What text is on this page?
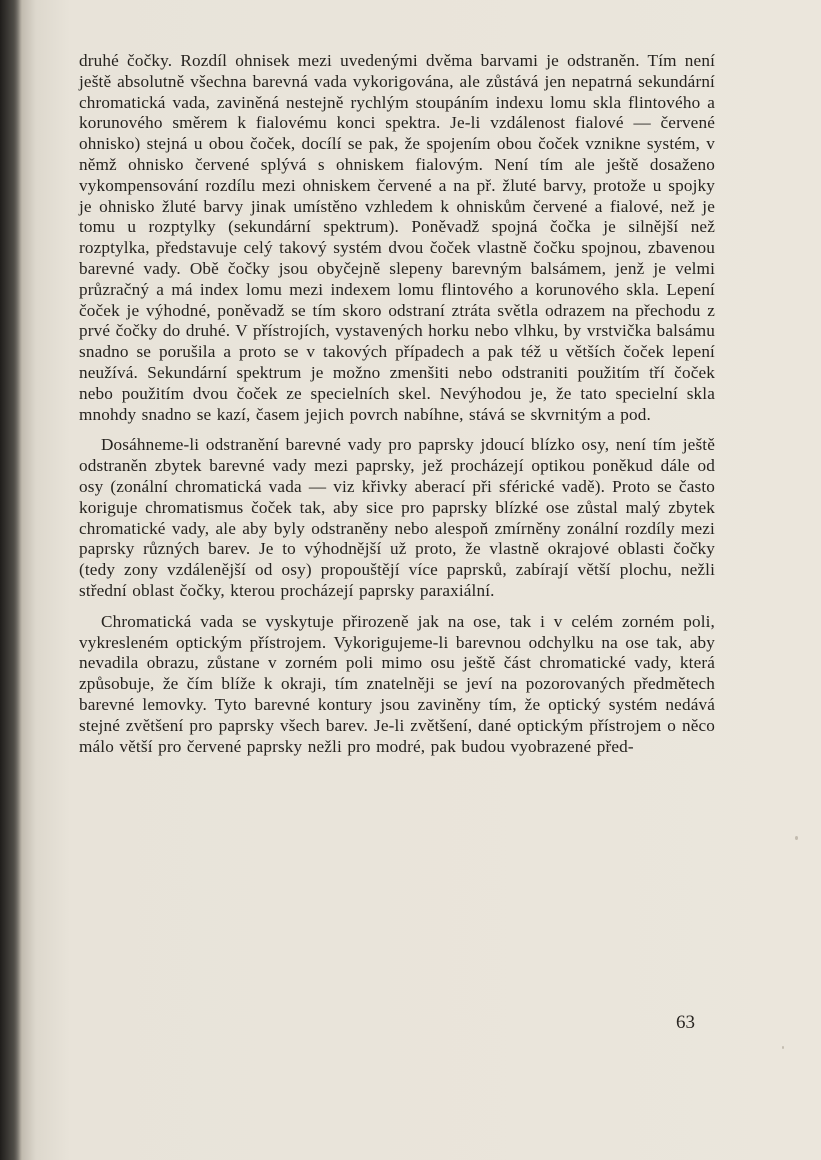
druhé čočky. Rozdíl ohnisek mezi uvedenými dvěma barvami je odstraněn. Tím není ještě absolutně všechna barevná vada vykorigována, ale zůstává jen nepatrná sekundární chromatická vada, zaviněná nestejně rychlým stoupáním indexu lomu skla flintového a korunového směrem k fialovému konci spektra. Je-li vzdálenost fialové — červené ohnisko) stejná u obou čoček, docílí se pak, že spojením obou čoček vznikne systém, v němž ohnisko červené splývá s ohniskem fialovým. Není tím ale ještě dosaženo vykompensování rozdílu mezi ohniskem červené a na př. žluté barvy, protože u spojky je ohnisko žluté barvy jinak umístěno vzhledem k ohniskům červené a fialové, než je tomu u rozptylky (sekundární spektrum). Poněvadž spojná čočka je silnější než rozptylka, představuje celý takový systém dvou čoček vlastně čočku spojnou, zbavenou barevné vady. Obě čočky jsou obyčejně slepeny barevným balsámem, jenž je velmi průzračný a má index lomu mezi indexem lomu flintového a korunového skla. Lepení čoček je výhodné, poněvadž se tím skoro odstraní ztráta světla odrazem na přechodu z prvé čočky do druhé. V přístrojích, vystavených horku nebo vlhku, by vrstvička balsámu snadno se porušila a proto se v takových případech a pak též u větších čoček lepení neužívá. Sekundární spektrum je možno zmenšiti nebo odstraniti použitím tří čoček nebo použitím dvou čoček ze specielních skel. Nevýhodou je, že tato specielní skla mnohdy snadno se kazí, časem jejich povrch nabíhne, stává se skvrnitým a pod.

Dosáhneme-li odstranění barevné vady pro paprsky jdoucí blízko osy, není tím ještě odstraněn zbytek barevné vady mezi paprsky, jež procházejí optikou poněkud dále od osy (zonální chromatická vada — viz křivky aberací při sférické vadě). Proto se často koriguje chromatismus čoček tak, aby sice pro paprsky blízké ose zůstal malý zbytek chromatické vady, ale aby byly odstraněny nebo alespoň zmírněny zonální rozdíly mezi paprsky různých barev. Je to výhodnější už proto, že vlastně okrajové oblasti čočky (tedy zony vzdálenější od osy) propouštějí více paprsků, zabírají větší plochu, nežli střední oblast čočky, kterou procházejí paprsky paraxiální.

Chromatická vada se vyskytuje přirozeně jak na ose, tak i v celém zorném poli, vykresleném optickým přístrojem. Vykorigujeme-li barevnou odchylku na ose tak, aby nevadila obrazu, zůstane v zorném poli mimo osu ještě část chromatické vady, která způsobuje, že čím blíže k okraji, tím znatelněji se jeví na pozorovaných předmětech barevné lemovky. Tyto barevné kontury jsou zaviněny tím, že optický systém nedává stejné zvětšení pro paprsky všech barev. Je-li zvětšení, dané optickým přístrojem o něco málo větší pro červené paprsky nežli pro modré, pak budou vyobrazené před-

63
